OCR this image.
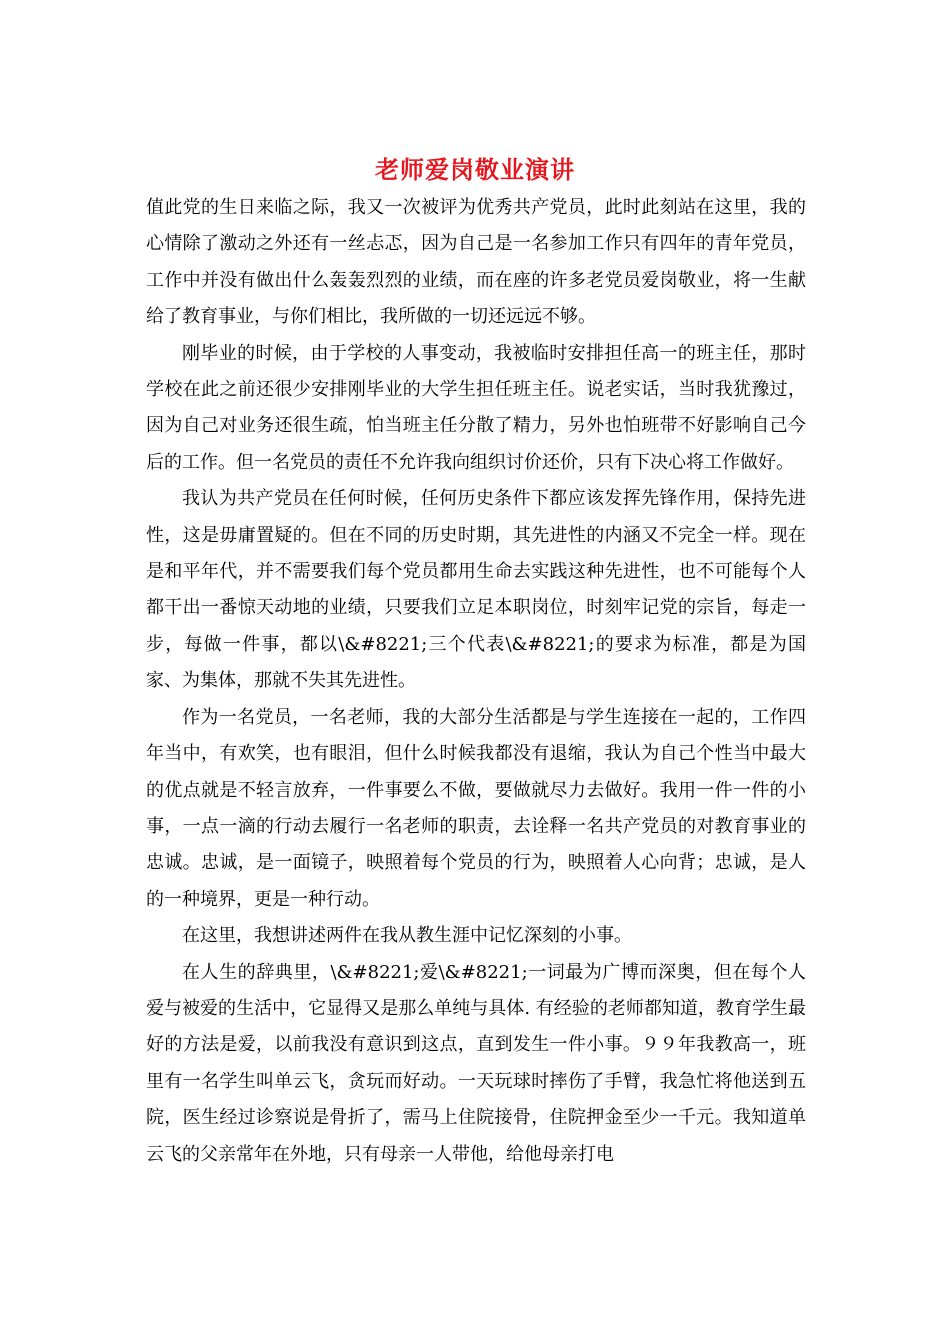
老师爱岗敬业演讲

值此党的生日来临之际，我又一次被评为优秀共产党员，此时此刻站在这里，我的心情除了激动之外还有一丝忐忑，因为自己是一名参加工作只有四年的青年党员，工作中并没有做出什么轰轰烈烈的业绩，而在座的许多老党员爱岗敬业，将一生献给了教育事业，与你们相比，我所做的一切还远远不够。

刚毕业的时候，由于学校的人事变动，我被临时安排担任高一的班主任，那时学校在此之前还很少安排刚毕业的大学生担任班主任。说老实话，当时我犹豫过，因为自己对业务还很生疏，怕当班主任分散了精力，另外也怕班带不好影响自己今后的工作。但一名党员的责任不允许我向组织讨价还价，只有下决心将工作做好。

我认为共产党员在任何时候，任何历史条件下都应该发挥先锋作用，保持先进性，这是毋庸置疑的。但在不同的历史时期，其先进性的内涵又不完全一样。现在是和平年代，并不需要我们每个党员都用生命去实践这种先进性，也不可能每个人都干出一番惊天动地的业绩，只要我们立足本职岗位，时刻牢记党的宗旨，每走一步，每做一件事，都以\&#8221;三个代表\&#8221;的要求为标准，都是为国家、为集体，那就不失其先进性。

作为一名党员，一名老师，我的大部分生活都是与学生连接在一起的，工作四年当中，有欢笑，也有眼泪，但什么时候我都没有退缩，我认为自己个性当中最大的优点就是不轻言放弃，一件事要么不做，要做就尽力去做好。我用一件一件的小事，一点一滴的行动去履行一名老师的职责，去诠释一名共产党员的对教育事业的忠诚。忠诚，是一面镜子，映照着每个党员的行为，映照着人心向背；忠诚，是人的一种境界，更是一种行动。

在这里，我想讲述两件在我从教生涯中记忆深刻的小事。

在人生的辞典里，\&#8221;爱\&#8221;一词最为广博而深奥，但在每个人爱与被爱的生活中，它显得又是那么单纯与具体. 有经验的老师都知道，教育学生最好的方法是爱，以前我没有意识到这点，直到发生一件小事。９９年我教高一，班里有一名学生叫单云飞，贪玩而好动。一天玩球时摔伤了手臂，我急忙将他送到五院，医生经过诊察说是骨折了，需马上住院接骨，住院押金至少一千元。我知道单云飞的父亲常年在外地，只有母亲一人带他，给他母亲打电
